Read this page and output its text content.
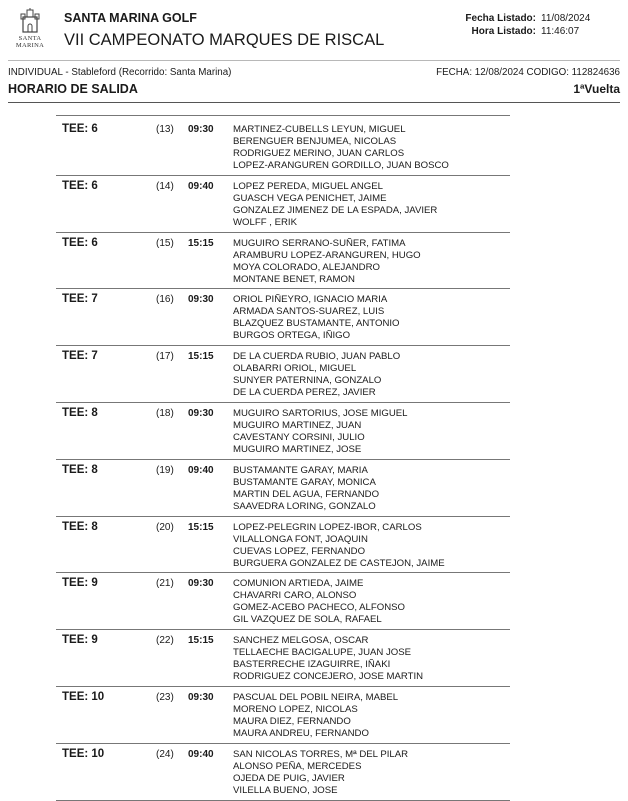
SANTA MARINA
SANTA MARINA GOLF
VII CAMPEONATO MARQUES DE RISCAL
Fecha Listado:
Hora Listado:
11/08/2024
11:46:07
INDIVIDUAL - Stableford (Recorrido: Santa Marina)	FECHA: 12/08/2024 CODIGO: 112824636
HORARIO DE SALIDA	1ªVuelta
TEE: 6	(13) 09:30 MARTINEZ-CUBELLS LEYUN, MIGUEL
BERENGUER BENJUMEA, NICOLAS
RODRIGUEZ MERINO, JUAN CARLOS
LOPEZ-ARANGUREN GORDILLO, JUAN BOSCO
TEE: 6	(14) 09:40 LOPEZ PEREDA, MIGUEL ANGEL
GUASCH VEGA PENICHET, JAIME
GONZALEZ JIMENEZ DE LA ESPADA, JAVIER
WOLFF , ERIK
TEE: 6	(15) 15:15 MUGUIRO SERRANO-SUÑER, FATIMA
ARAMBURU LOPEZ-ARANGUREN, HUGO
MOYA COLORADO, ALEJANDRO
MONTANE BENET, RAMON
TEE: 7	(16) 09:30 ORIOL PIÑEYRO, IGNACIO MARIA
ARMADA SANTOS-SUAREZ, LUIS
BLAZQUEZ BUSTAMANTE, ANTONIO
BURGOS ORTEGA, IÑIGO
TEE: 7	(17) 15:15 DE LA CUERDA RUBIO, JUAN PABLO
OLABARRI ORIOL, MIGUEL
SUNYER PATERNINA, GONZALO
DE LA CUERDA PEREZ, JAVIER
TEE: 8	(18) 09:30 MUGUIRO SARTORIUS, JOSE MIGUEL
MUGUIRO MARTINEZ, JUAN
CAVESTANY CORSINI, JULIO
MUGUIRO MARTINEZ, JOSE
TEE: 8	(19) 09:40 BUSTAMANTE GARAY, MARIA
BUSTAMANTE GARAY, MONICA
MARTIN DEL AGUA, FERNANDO
SAAVEDRA LORING, GONZALO
TEE: 8	(20) 15:15 LOPEZ-PELEGRIN LOPEZ-IBOR, CARLOS
VILALLONGA FONT, JOAQUIN
CUEVAS LOPEZ, FERNANDO
BURGUERA GONZALEZ DE CASTEJON, JAIME
TEE: 9	(21) 09:30 COMUNION ARTIEDA, JAIME
CHAVARRI CARO, ALONSO
GOMEZ-ACEBO PACHECO, ALFONSO
GIL VAZQUEZ DE SOLA, RAFAEL
TEE: 9	(22) 15:15 SANCHEZ MELGOSA, OSCAR
TELLAECHE BACIGALUPE, JUAN JOSE
BASTERRECHE IZAGUIRRE, IÑAKI
RODRIGUEZ CONCEJERO, JOSE MARTIN
TEE: 10	(23) 09:30 PASCUAL DEL POBIL NEIRA, MABEL
MORENO LOPEZ, NICOLAS
MAURA DIEZ, FERNANDO
MAURA ANDREU, FERNANDO
TEE: 10	(24) 09:40 SAN NICOLAS TORRES, Mª DEL PILAR
ALONSO PEÑA, MERCEDES
OJEDA DE PUIG, JAVIER
VILELLA BUENO, JOSE
